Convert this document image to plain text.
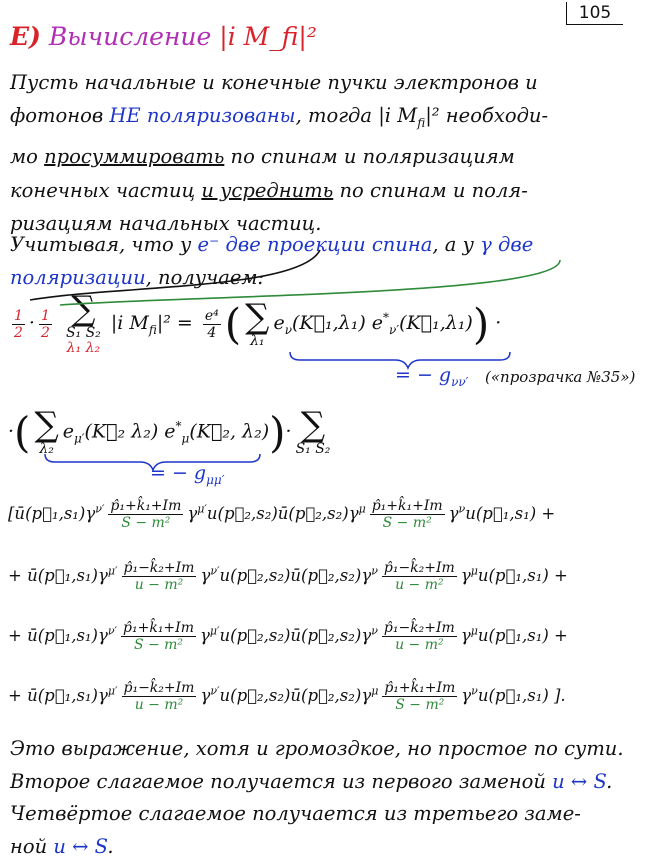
105
E) Вычисление |i M_fi|²
Пусть начальные и конечные пучки электронов и
фотонов НЕ поляризованы, тогда |i $M_{fi}|^2$ необходи-
мо просуммировать по спинам и поляризациям
конечных частиц и усреднить по спинам и поля-
ризациям начальных частиц.
Учитывая, что у e⁻ две проекции спина, а у γ две
поляризации, получаем:
$\frac{1}{2} \cdot \frac{1}{2}$
∑
S₁ S₂
λ₁ λ₂
|i $M_{fi}|^2 = \frac{\text{e⁴}}{4}$ ( ∑
λ₁
$e_\nu(K⃗_1,\lambda_1)$ $e^*_{\nu'}(K⃗_1,\lambda_1)$) ·
= − $g_{\nu\nu'}$ («прозрачка №35»)
·( ∑
λ₂
$e_{\mu'}(K⃗_2$ λ₂) $e^*_\mu(K⃗_2$, λ₂))· ∑
S₁ S₂
= − $g_{\mu\mu'}$
[$ū(p⃗_1,s_1)\gamma^{\nu'} \frac{\text{p̂₁+k̂₁+Im}}{\text{S − m²}}$ $\gamma^{\mu'}u(p⃗_2,s_2)ū(p⃗_2,s_2)\gamma^\mu \frac{\text{p̂₁+k̂₁+Im}}{\text{S − m²}}$ $\gamma^\nu u(p⃗_1,s_1)$ +
+ $ū(p⃗_1,s_1)\gamma^{\mu'} \frac{\text{p̂₁−k̂₂+Im}}{\text{u − m²}}$ $\gamma^{\nu'}u(p⃗_2,s_2)ū(p⃗_2,s_2)\gamma^\nu \frac{\text{p̂₁−k̂₂+Im}}{\text{u − m²}}$ $\gamma^\mu u(p⃗_1,s_1)$ +
+ $ū(p⃗_1,s_1)\gamma^{\nu'} \frac{\text{p̂₁+k̂₁+Im}}{\text{S − m²}}$ $\gamma^{\mu'}u(p⃗_2,s_2)ū(p⃗_2,s_2)\gamma^\nu \frac{\text{p̂₁−k̂₂+Im}}{\text{u − m²}}$ $\gamma^\mu u(p⃗_1,s_1)$ +
+ $ū(p⃗_1,s_1)\gamma^{\mu'} \frac{\text{p̂₁−k̂₂+Im}}{\text{u − m²}}$ $\gamma^{\nu'}u(p⃗_2,s_2)ū(p⃗_2,s_2)\gamma^\mu \frac{\text{p̂₁+k̂₁+Im}}{\text{S − m²}}$ $\gamma^\nu u(p⃗_1,s_1)$ ].
Это выражение, хотя и громоздкое, но простое по сути.
Второе слагаемое получается из первого заменой u ↔ S.
Четвёртое слагаемое получается из третьего заме-
ной u ↔ S.
